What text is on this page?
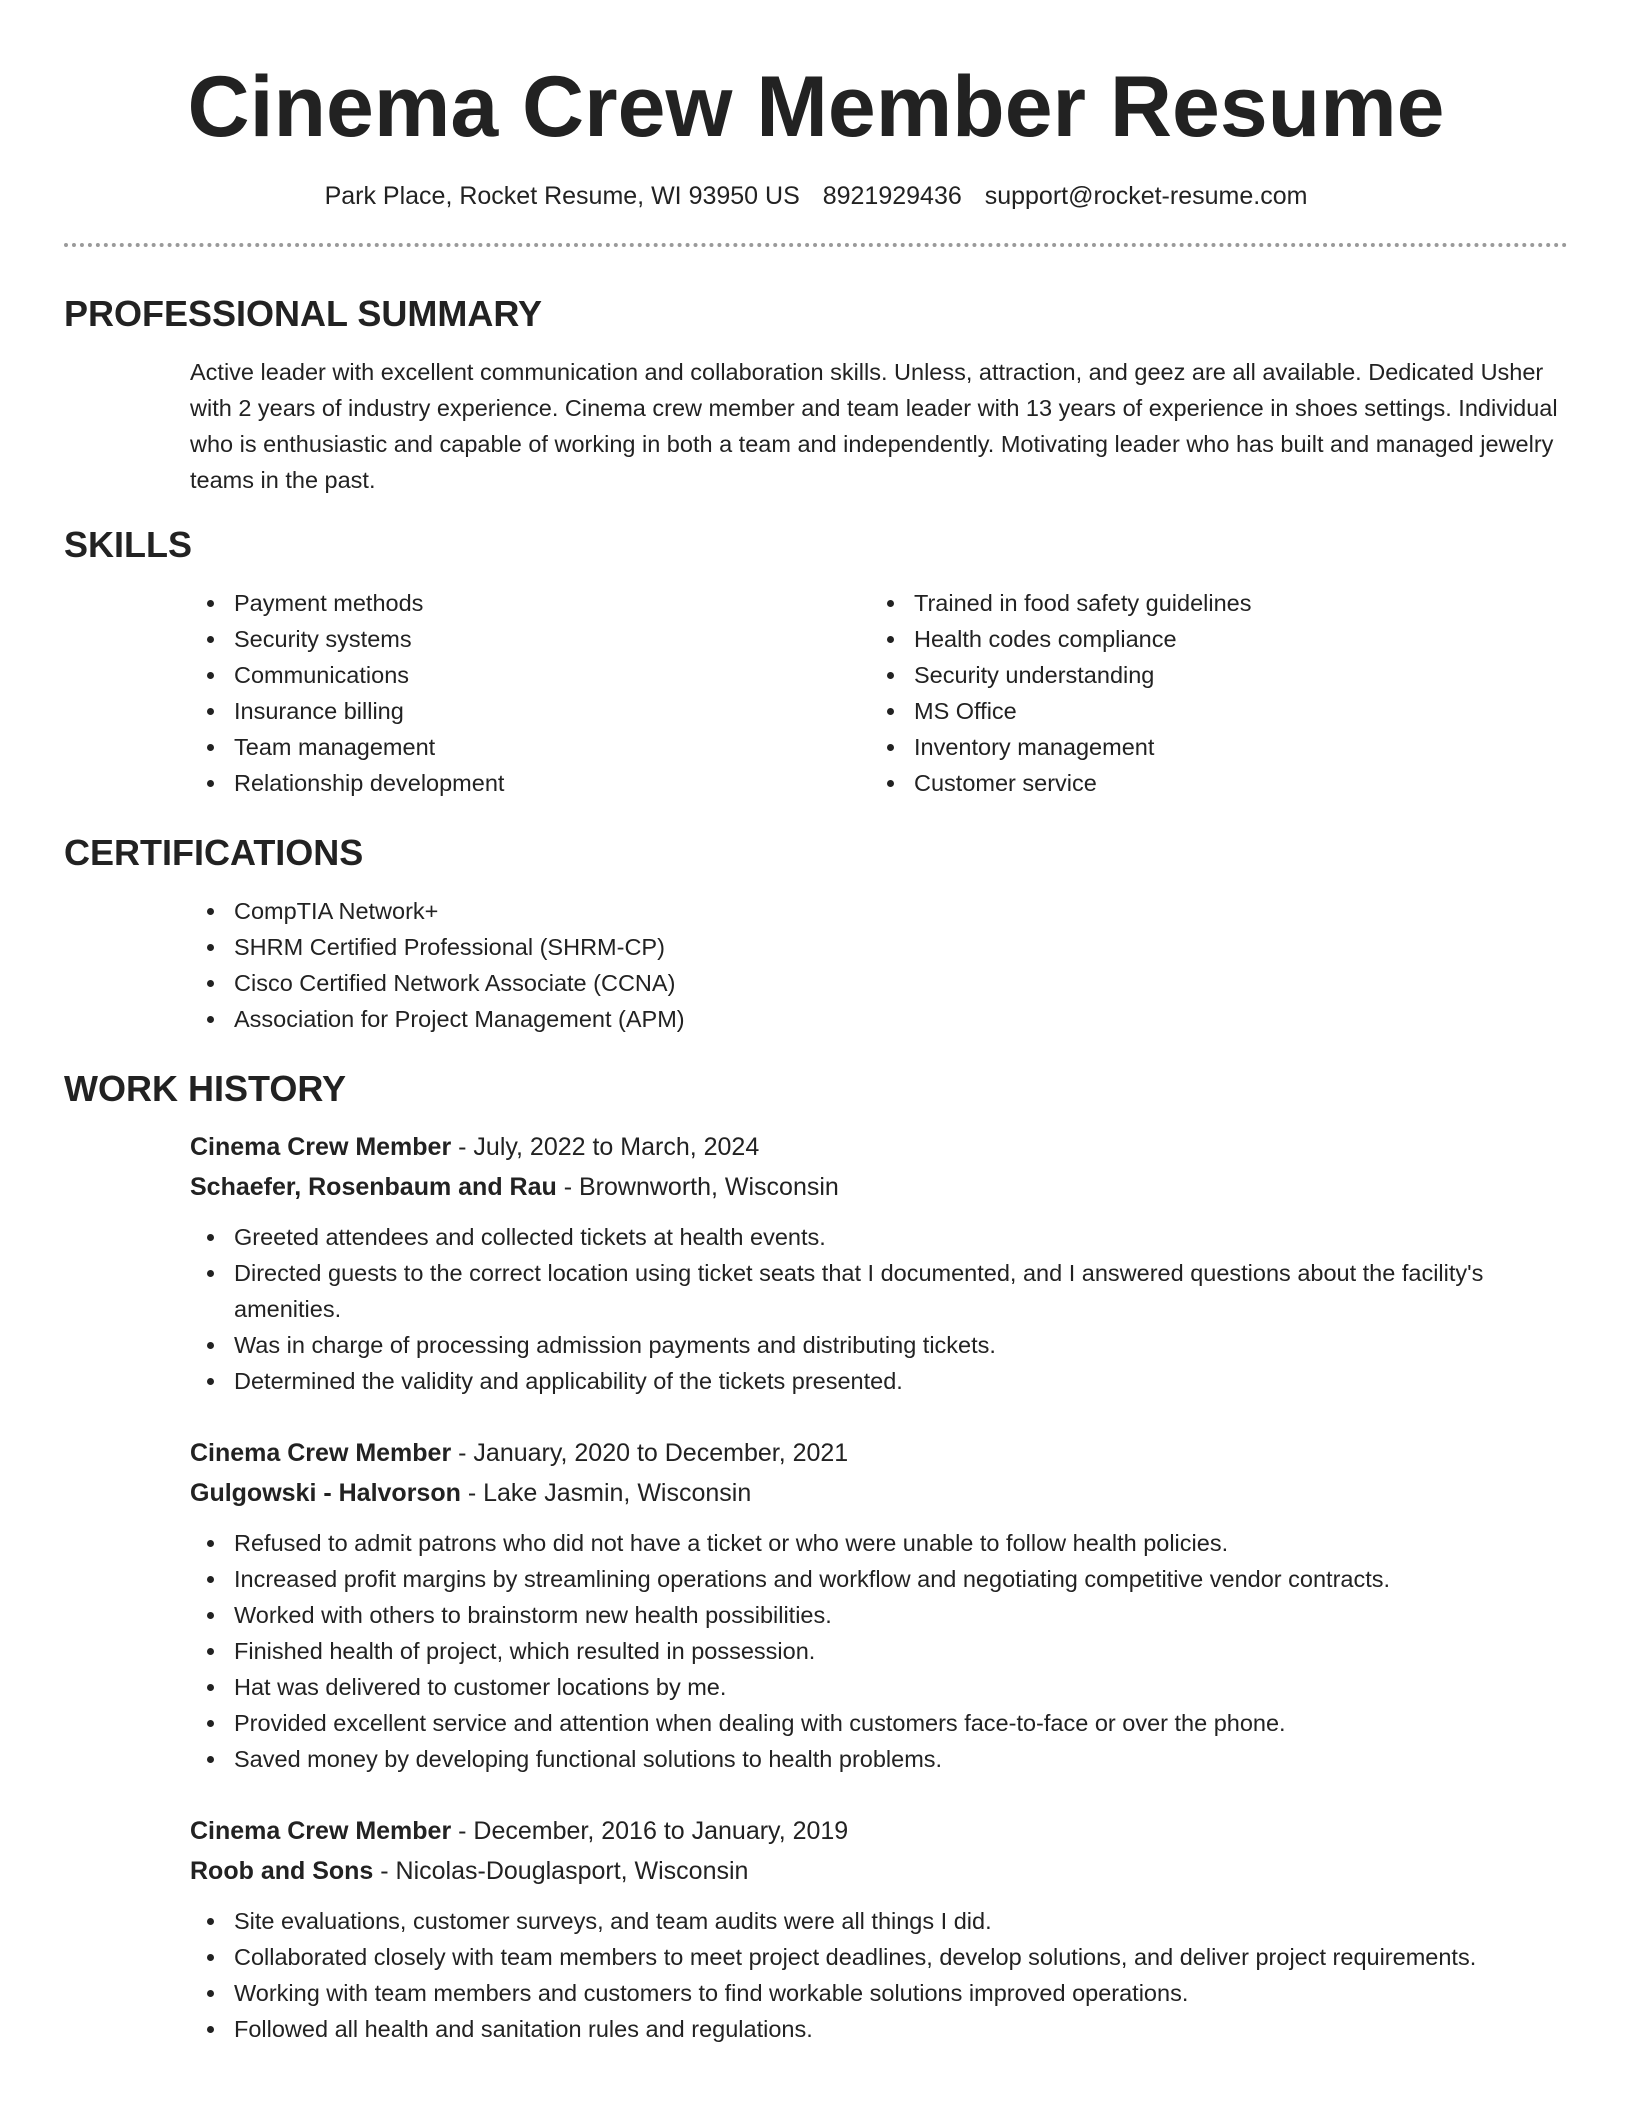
Cinema Crew Member Resume
Park Place, Rocket Resume, WI 93950 US 8921929436 support@rocket-resume.com
PROFESSIONAL SUMMARY
Active leader with excellent communication and collaboration skills. Unless, attraction, and geez are all available. Dedicated Usher with 2 years of industry experience. Cinema crew member and team leader with 13 years of experience in shoes settings. Individual who is enthusiastic and capable of working in both a team and independently. Motivating leader who has built and managed jewelry teams in the past.
SKILLS
Payment methods
Security systems
Communications
Insurance billing
Team management
Relationship development
Trained in food safety guidelines
Health codes compliance
Security understanding
MS Office
Inventory management
Customer service
CERTIFICATIONS
CompTIA Network+
SHRM Certified Professional (SHRM-CP)
Cisco Certified Network Associate (CCNA)
Association for Project Management (APM)
WORK HISTORY
Cinema Crew Member - July, 2022 to March, 2024
Schaefer, Rosenbaum and Rau - Brownworth, Wisconsin
Greeted attendees and collected tickets at health events.
Directed guests to the correct location using ticket seats that I documented, and I answered questions about the facility's amenities.
Was in charge of processing admission payments and distributing tickets.
Determined the validity and applicability of the tickets presented.
Cinema Crew Member - January, 2020 to December, 2021
Gulgowski - Halvorson - Lake Jasmin, Wisconsin
Refused to admit patrons who did not have a ticket or who were unable to follow health policies.
Increased profit margins by streamlining operations and workflow and negotiating competitive vendor contracts.
Worked with others to brainstorm new health possibilities.
Finished health of project, which resulted in possession.
Hat was delivered to customer locations by me.
Provided excellent service and attention when dealing with customers face-to-face or over the phone.
Saved money by developing functional solutions to health problems.
Cinema Crew Member - December, 2016 to January, 2019
Roob and Sons - Nicolas-Douglasport, Wisconsin
Site evaluations, customer surveys, and team audits were all things I did.
Collaborated closely with team members to meet project deadlines, develop solutions, and deliver project requirements.
Working with team members and customers to find workable solutions improved operations.
Followed all health and sanitation rules and regulations.
